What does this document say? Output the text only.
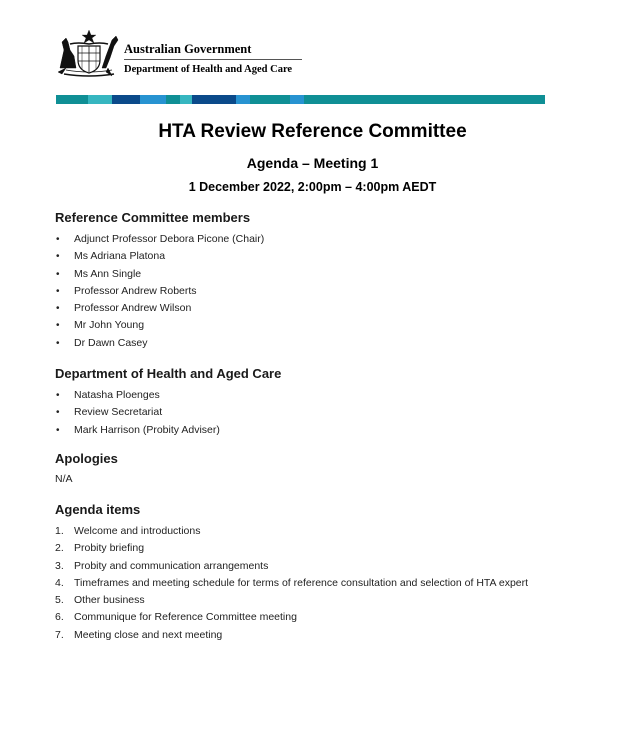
Australian Government
Department of Health and Aged Care
HTA Review Reference Committee
Agenda – Meeting 1
1 December 2022, 2:00pm – 4:00pm AEDT
Reference Committee members
• Adjunct Professor Debora Picone (Chair)
• Ms Adriana Platona
• Ms Ann Single
• Professor Andrew Roberts
• Professor Andrew Wilson
• Mr John Young
• Dr Dawn Casey
Department of Health and Aged Care
• Natasha Ploenges
• Review Secretariat
• Mark Harrison (Probity Adviser)
Apologies
N/A
Agenda items
1. Welcome and introductions
2. Probity briefing
3. Probity and communication arrangements
4. Timeframes and meeting schedule for terms of reference consultation and selection of HTA expert
5. Other business
6. Communique for Reference Committee meeting
7. Meeting close and next meeting
